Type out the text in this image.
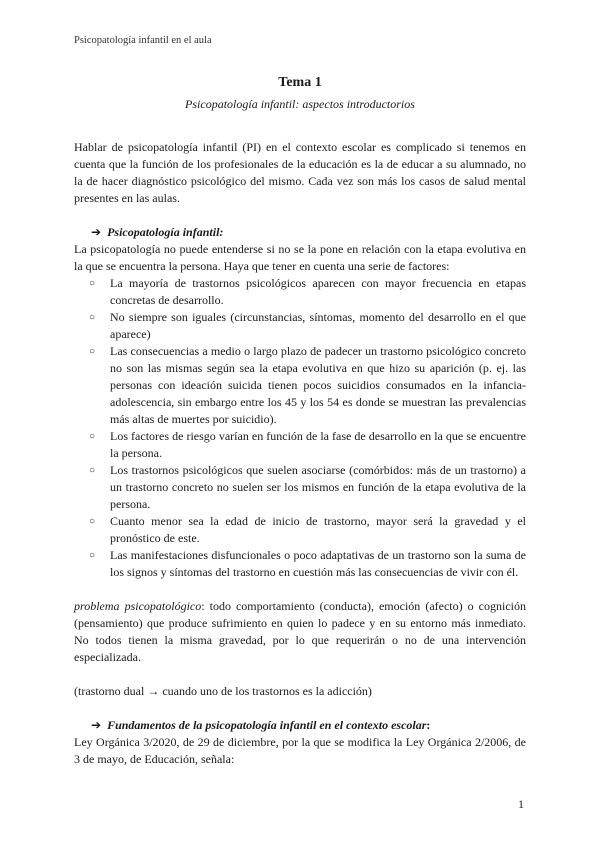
Psicopatología infantil en el aula
Tema 1
Psicopatología infantil: aspectos introductorios

Hablar de psicopatología infantil (PI) en el contexto escolar es complicado si tenemos en cuenta que la función de los profesionales de la educación es la de educar a su alumnado, no la de hacer diagnóstico psicológico del mismo. Cada vez son más los casos de salud mental presentes en las aulas.

➔ Psicopatología infantil:

La psicopatología no puede entenderse si no se la pone en relación con la etapa evolutiva en la que se encuentra la persona. Haya que tener en cuenta una serie de factores:

○ La mayoría de trastornos psicológicos aparecen con mayor frecuencia en etapas concretas de desarrollo.
○ No siempre son iguales (circunstancias, síntomas, momento del desarrollo en el que aparece)
○ Las consecuencias a medio o largo plazo de padecer un trastorno psicológico concreto no son las mismas según sea la etapa evolutiva en que hizo su aparición (p. ej. las personas con ideación suicida tienen pocos suicidios consumados en la infancia-adolescencia, sin embargo entre los 45 y los 54 es donde se muestran las prevalencias más altas de muertes por suicidio).
○ Los factores de riesgo varían en función de la fase de desarrollo en la que se encuentre la persona.
○ Los trastornos psicológicos que suelen asociarse (comórbidos: más de un trastorno) a un trastorno concreto no suelen ser los mismos en función de la etapa evolutiva de la persona.
○ Cuanto menor sea la edad de inicio de trastorno, mayor será la gravedad y el pronóstico de este.
○ Las manifestaciones disfuncionales o poco adaptativas de un trastorno son la suma de los signos y síntomas del trastorno en cuestión más las consecuencias de vivir con él.

problema psicopatológico: todo comportamiento (conducta), emoción (afecto) o cognición (pensamiento) que produce sufrimiento en quien lo padece y en su entorno más inmediato. No todos tienen la misma gravedad, por lo que requerirán o no de una intervención especializada.

(trastorno dual → cuando uno de los trastornos es la adicción)

➔ Fundamentos de la psicopatología infantil en el contexto escolar:

Ley Orgánica 3/2020, de 29 de diciembre, por la que se modifica la Ley Orgánica 2/2006, de 3 de mayo, de Educación, señala:

1
